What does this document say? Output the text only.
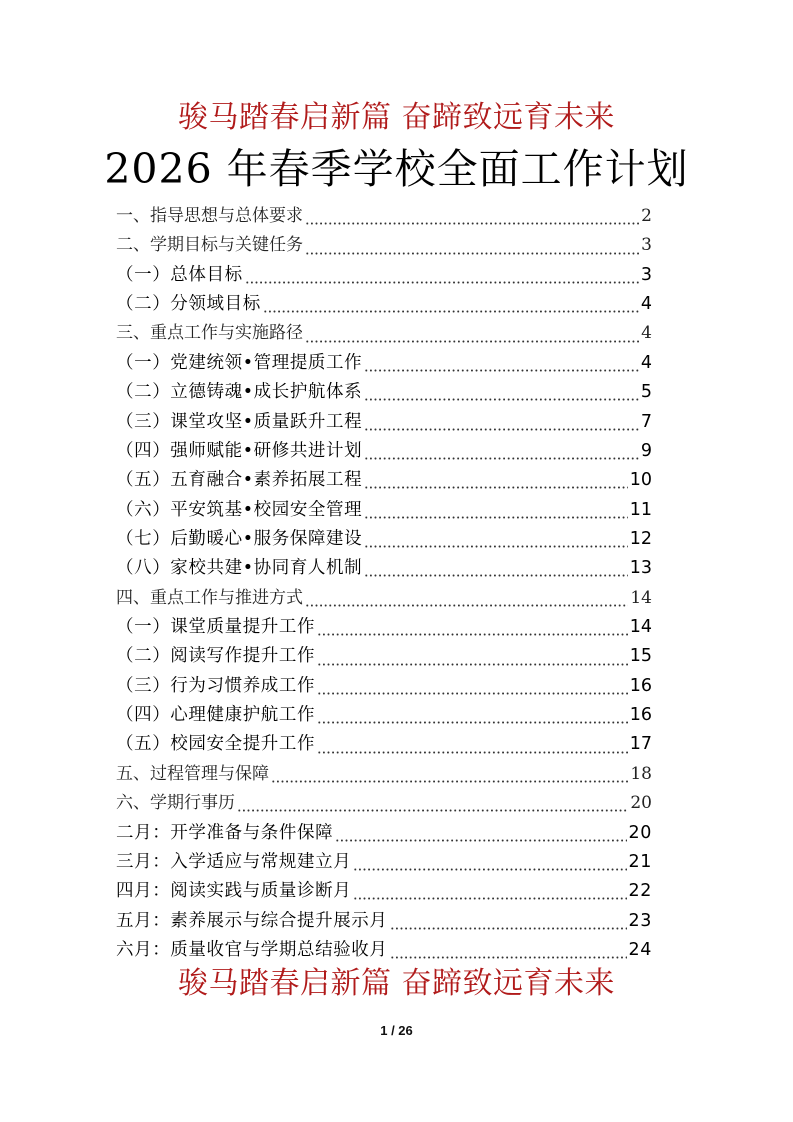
骏马踏春启新篇 奋蹄致远育未来
2026 年春季学校全面工作计划
一、指导思想与总体要求	2
二、学期目标与关键任务	3
（一）总体目标	3
（二）分领域目标	4
三、重点工作与实施路径	4
（一）党建统领•管理提质工作	4
（二）立德铸魂•成长护航体系	5
（三）课堂攻坚•质量跃升工程	7
（四）强师赋能•研修共进计划	9
（五）五育融合•素养拓展工程	10
（六）平安筑基•校园安全管理	11
（七）后勤暖心•服务保障建设	12
（八）家校共建•协同育人机制	13
四、重点工作与推进方式	14
（一）课堂质量提升工作	14
（二）阅读写作提升工作	15
（三）行为习惯养成工作	16
（四）心理健康护航工作	16
（五）校园安全提升工作	17
五、过程管理与保障	18
六、学期行事历	20
二月：开学准备与条件保障	20
三月：入学适应与常规建立月	21
四月：阅读实践与质量诊断月	22
五月：素养展示与综合提升展示月	23
六月：质量收官与学期总结验收月	24
骏马踏春启新篇 奋蹄致远育未来
1 / 26
